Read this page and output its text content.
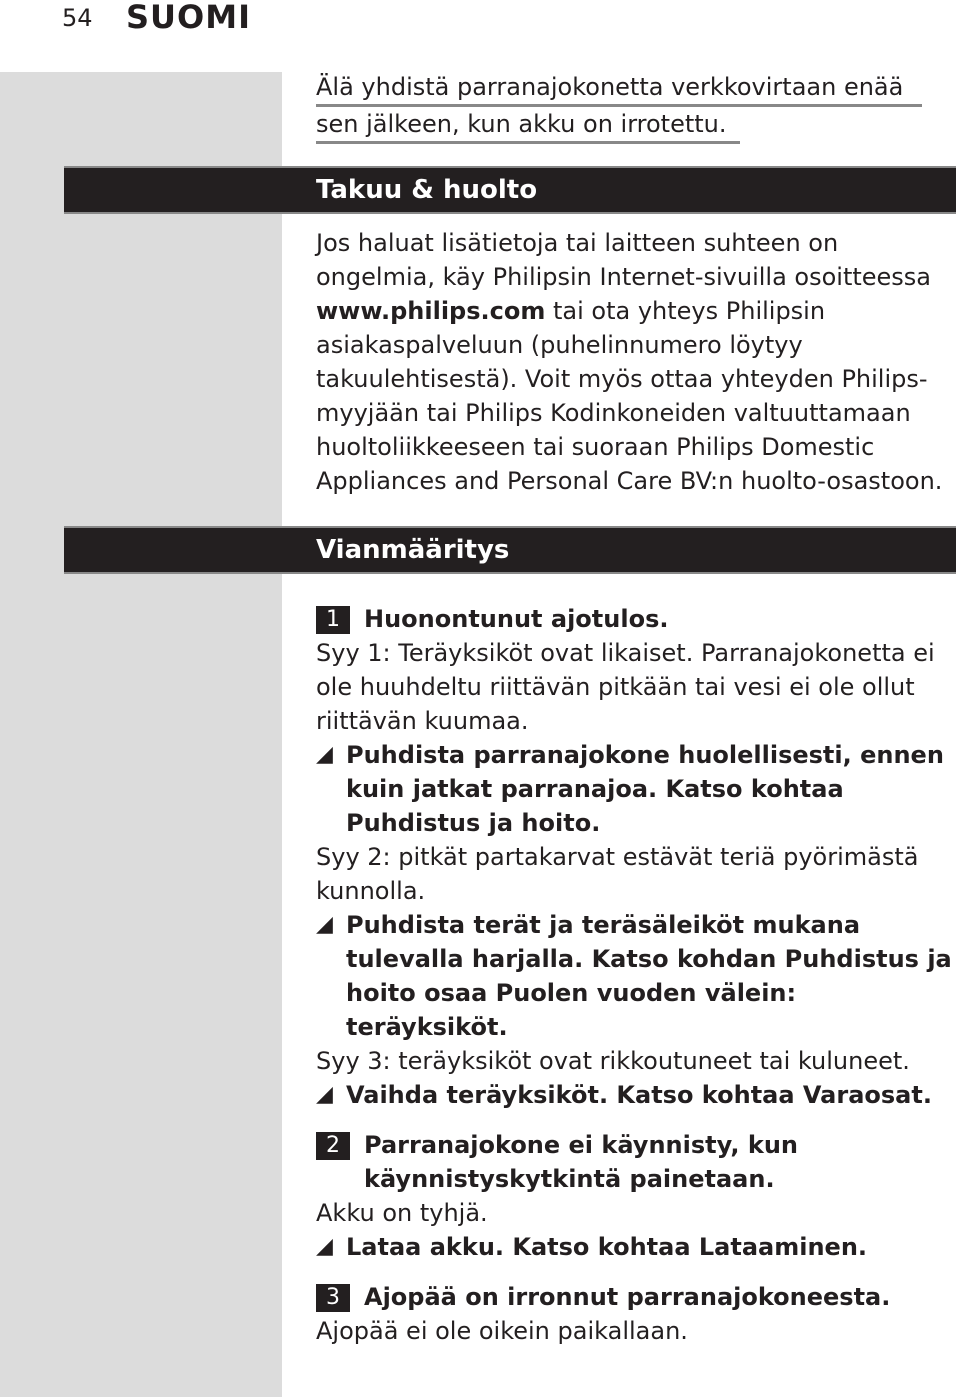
54 SUOMI
Älä yhdistä parranajokonetta verkkovirtaan enää
sen jälkeen, kun akku on irrotettu.
Takuu & huolto

Jos haluat lisätietoja tai laitteen suhteen on ongelmia, käy Philipsin Internet-sivuilla osoitteessa www.philips.com tai ota yhteys Philipsin asiakaspalveluun (puhelinnumero löytyy takuulehtisestä). Voit myös ottaa yhteyden Philips-myyjään tai Philips Kodinkoneiden valtuuttamaan huoltoliikkeeseen tai suoraan Philips Domestic Appliances and Personal Care BV:n huolto-osastoon.

Vianmääritys
1	Huonontunut ajotulos.
Syy 1: Teräyksiköt ovat likaiset. Parranajokonetta ei ole huuhdeltu riittävän pitkään tai vesi ei ole ollut riittävän kuumaa.
◢ Puhdista parranajokone huolellisesti, ennen kuin jatkat parranajoa. Katso kohtaa Puhdistus ja hoito.
Syy 2: pitkät partakarvat estävät teriä pyörimästä kunnolla.
◢ Puhdista terät ja teräsäleiköt mukana tulevalla harjalla. Katso kohdan Puhdistus ja hoito osaa Puolen vuoden välein: teräyksiköt.
Syy 3: teräyksiköt ovat rikkoutuneet tai kuluneet.
◢ Vaihda teräyksiköt. Katso kohtaa Varaosat.
2	Parranajokone ei käynnisty, kun käynnistyskytkintä painetaan.
Akku on tyhjä.
◢ Lataa akku. Katso kohtaa Lataaminen.
3	Ajopää on irronnut parranajokoneesta.
Ajopää ei ole oikein paikallaan.
